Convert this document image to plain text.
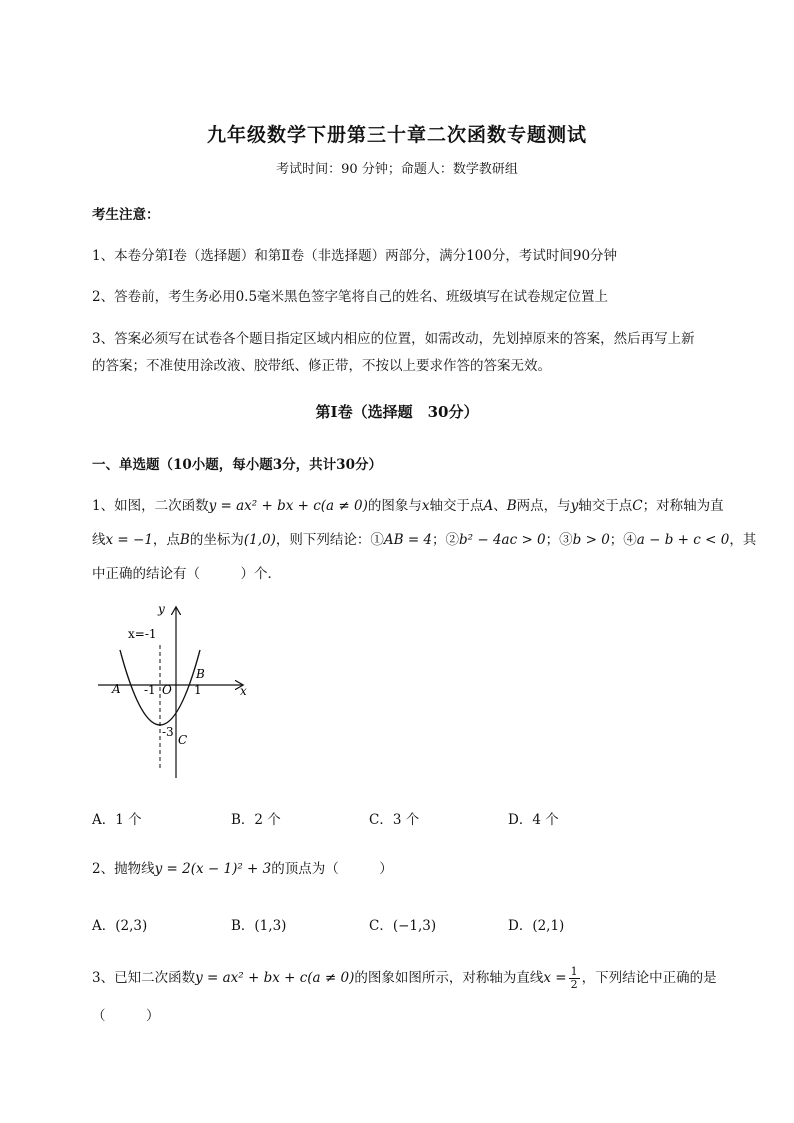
九年级数学下册第三十章二次函数专题测试
考试时间：90 分钟；命题人：数学教研组
考生注意：
1、本卷分第Ⅰ卷（选择题）和第Ⅱ卷（非选择题）两部分，满分100分，考试时间90分钟
2、答卷前，考生务必用0.5毫米黑色签字笔将自己的姓名、班级填写在试卷规定位置上
3、答案必须写在试卷各个题目指定区域内相应的位置，如需改动，先划掉原来的答案，然后再写上新
的答案；不准使用涂改液、胶带纸、修正带，不按以上要求作答的答案无效。
第Ⅰ卷（选择题　30分）
一、单选题（10小题，每小题3分，共计30分）
1、如图，二次函数y = ax² + bx + c(a ≠ 0)的图象与x轴交于点A、B两点，与y轴交于点C；对称轴为直
线x = −1，点B的坐标为(1,0)，则下列结论：①AB = 4；②b² − 4ac > 0；③b > 0；④a − b + c < 0，其
中正确的结论有（　　　）个．
y
x
x=-1
A
B
-1 O 1
-3
C
A．1 个	B．2 个	C．3 个	D．4 个
2、抛物线y = 2(x − 1)² + 3的顶点为（　　　）
A．(2,3)	B．(1,3)	C．(−1,3)	D．(2,1)
3、已知二次函数y = ax² + bx + c(a ≠ 0)的图象如图所示，对称轴为直线$x = \frac{1}{2}$ ，下列结论中正确的是
（　　　）
